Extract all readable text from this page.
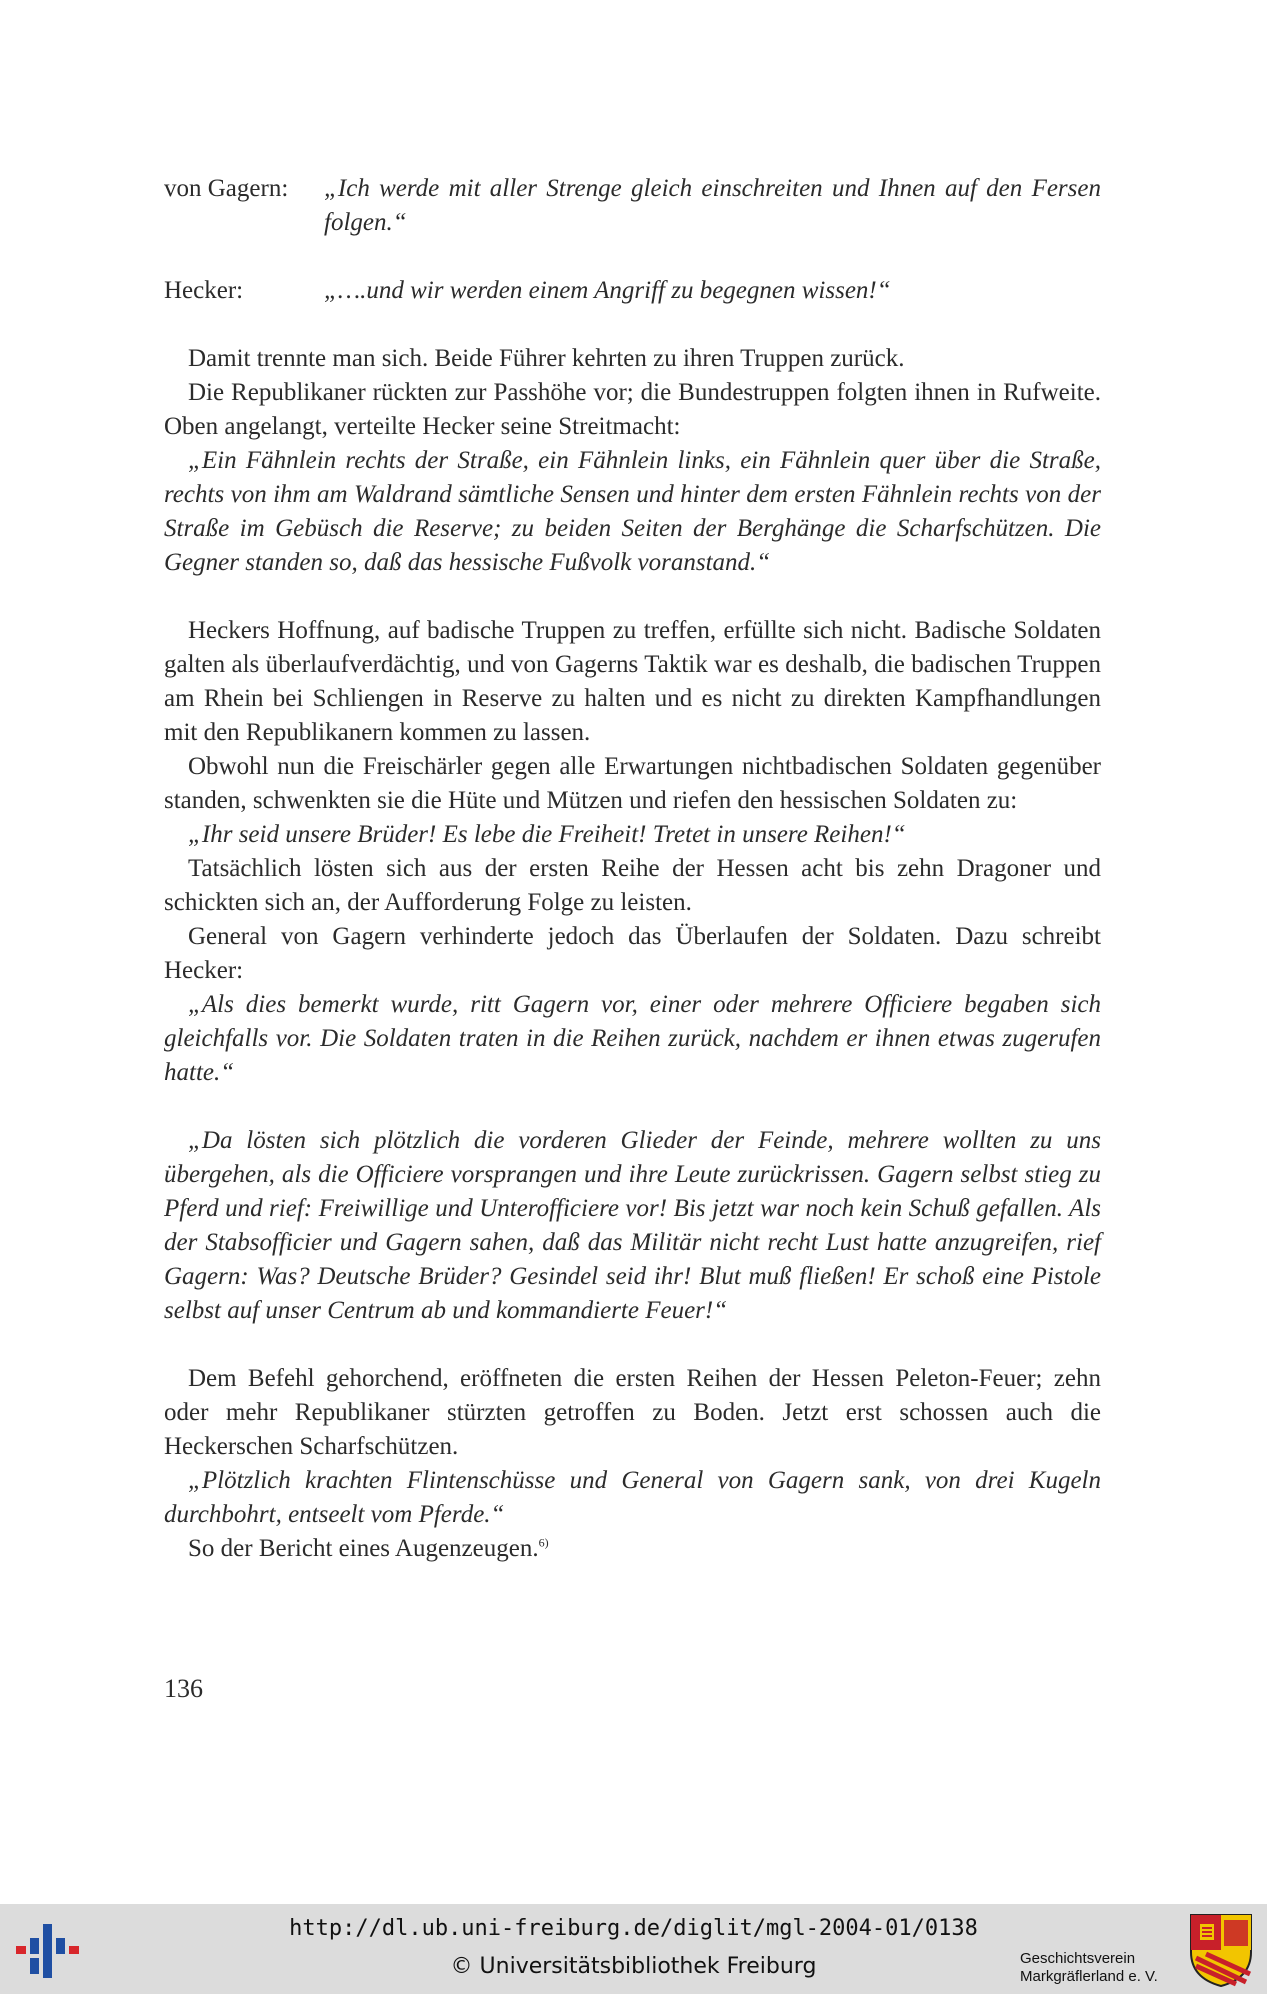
von Gagern:	„Ich werde mit aller Strenge gleich einschreiten und Ihnen auf den Fersen folgen.“
Hecker:	„….und wir werden einem Angriff zu begegnen wissen!“

Damit trennte man sich. Beide Führer kehrten zu ihren Truppen zurück.

Die Republikaner rückten zur Passhöhe vor; die Bundestruppen folgten ihnen in Rufweite. Oben angelangt, verteilte Hecker seine Streitmacht:

„Ein Fähnlein rechts der Straße, ein Fähnlein links, ein Fähnlein quer über die Straße, rechts von ihm am Waldrand sämtliche Sensen und hinter dem ersten Fähnlein rechts von der Straße im Gebüsch die Reserve; zu beiden Seiten der Berghänge die Scharfschützen. Die Gegner standen so, daß das hessische Fußvolk voranstand.“

Heckers Hoffnung, auf badische Truppen zu treffen, erfüllte sich nicht. Badische Soldaten galten als überlaufverdächtig, und von Gagerns Taktik war es deshalb, die badischen Truppen am Rhein bei Schliengen in Reserve zu halten und es nicht zu direkten Kampfhandlungen mit den Republikanern kommen zu lassen.

Obwohl nun die Freischärler gegen alle Erwartungen nichtbadischen Soldaten gegenüber standen, schwenkten sie die Hüte und Mützen und riefen den hessischen Soldaten zu:

„Ihr seid unsere Brüder! Es lebe die Freiheit! Tretet in unsere Reihen!“

Tatsächlich lösten sich aus der ersten Reihe der Hessen acht bis zehn Dragoner und schickten sich an, der Aufforderung Folge zu leisten.

General von Gagern verhinderte jedoch das Überlaufen der Soldaten. Dazu schreibt Hecker:

„Als dies bemerkt wurde, ritt Gagern vor, einer oder mehrere Officiere begaben sich gleichfalls vor. Die Soldaten traten in die Reihen zurück, nachdem er ihnen etwas zugerufen hatte.“

„Da lösten sich plötzlich die vorderen Glieder der Feinde, mehrere wollten zu uns übergehen, als die Officiere vorsprangen und ihre Leute zurückrissen. Gagern selbst stieg zu Pferd und rief: Freiwillige und Unterofficiere vor! Bis jetzt war noch kein Schuß gefallen. Als der Stabsofficier und Gagern sahen, daß das Militär nicht recht Lust hatte anzugreifen, rief Gagern: Was? Deutsche Brüder? Gesindel seid ihr! Blut muß fließen! Er schoß eine Pistole selbst auf unser Centrum ab und kommandierte Feuer!“

Dem Befehl gehorchend, eröffneten die ersten Reihen der Hessen Peleton-Feuer; zehn oder mehr Republikaner stürzten getroffen zu Boden. Jetzt erst schossen auch die Heckerschen Scharfschützen.

„Plötzlich krachten Flintenschüsse und General von Gagern sank, von drei Kugeln durchbohrt, entseelt vom Pferde.“

So der Bericht eines Augenzeugen.$^{6)}$

136
http://dl.ub.uni-freiburg.de/diglit/mgl-2004-01/0138
© Universitätsbibliothek Freiburg	Geschichtsverein
Markgräflerland e. V.
